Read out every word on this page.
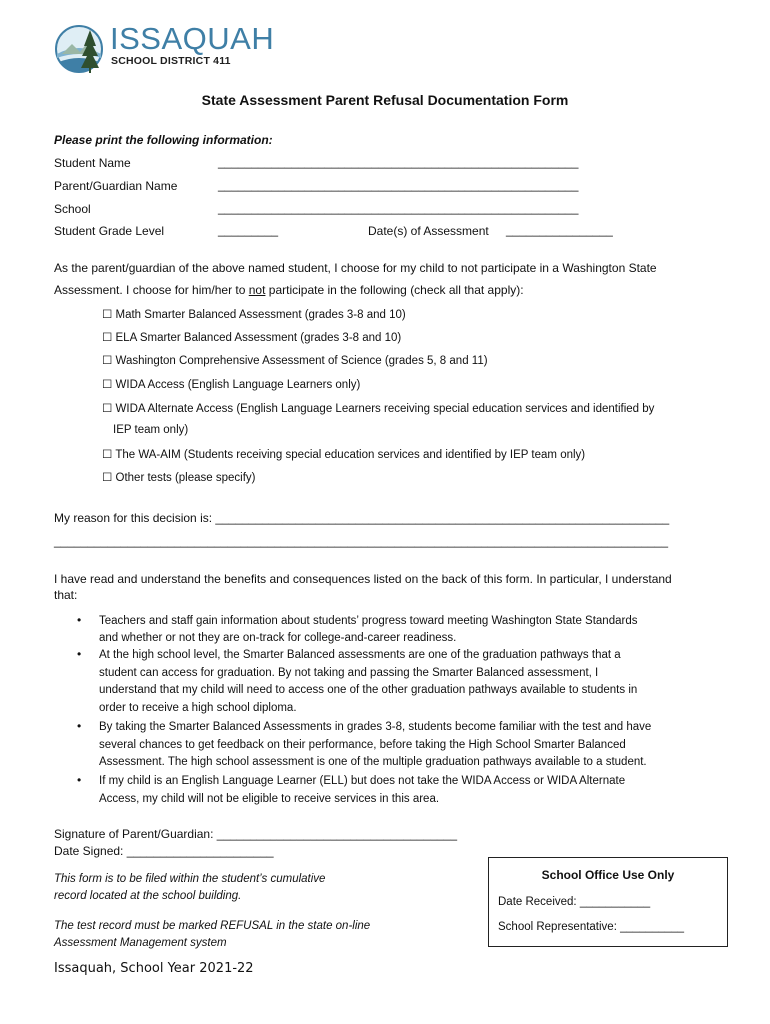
ISSAQUAH
SCHOOL DISTRICT 411
State Assessment Parent Refusal Documentation Form
Please print the following information:
Student Name	______________________________________________________
Parent/Guardian Name	______________________________________________________
School	______________________________________________________
Student Grade Level	_________	Date(s) of Assessment ________________
As the parent/guardian of the above named student, I choose for my child to not participate in a Washington State
Assessment. I choose for him/her to not participate in the following (check all that apply):
☐ Math Smarter Balanced Assessment (grades 3-8 and 10)
☐ ELA Smarter Balanced Assessment (grades 3-8 and 10)
☐ Washington Comprehensive Assessment of Science (grades 5, 8 and 11)
☐ WIDA Access (English Language Learners only)
☐ WIDA Alternate Access (English Language Learners receiving special education services and identified by
IEP team only)
☐ The WA-AIM (Students receiving special education services and identified by IEP team only)
☐ Other tests (please specify)
My reason for this decision is: ____________________________________________________________________
____________________________________________________________________________________________
I have read and understand the benefits and consequences listed on the back of this form. In particular, I understand
that:
• Teachers and staff gain information about students’ progress toward meeting Washington State Standards
and whether or not they are on-track for college-and-career readiness.
• At the high school level, the Smarter Balanced assessments are one of the graduation pathways that a
student can access for graduation. By not taking and passing the Smarter Balanced assessment, I
understand that my child will need to access one of the other graduation pathways available to students in
order to receive a high school diploma.
• By taking the Smarter Balanced Assessments in grades 3-8, students become familiar with the test and have
several chances to get feedback on their performance, before taking the High School Smarter Balanced
Assessment. The high school assessment is one of the multiple graduation pathways available to a student.
• If my child is an English Language Learner (ELL) but does not take the WIDA Access or WIDA Alternate
Access, my child will not be eligible to receive services in this area.
Signature of Parent/Guardian: ____________________________________
Date Signed: ______________________
This form is to be filed within the student’s cumulative
record located at the school building.
The test record must be marked REFUSAL in the state on-line
Assessment Management system
School Office Use Only
Date Received: ___________
School Representative: __________
Issaquah, School Year 2021-22
